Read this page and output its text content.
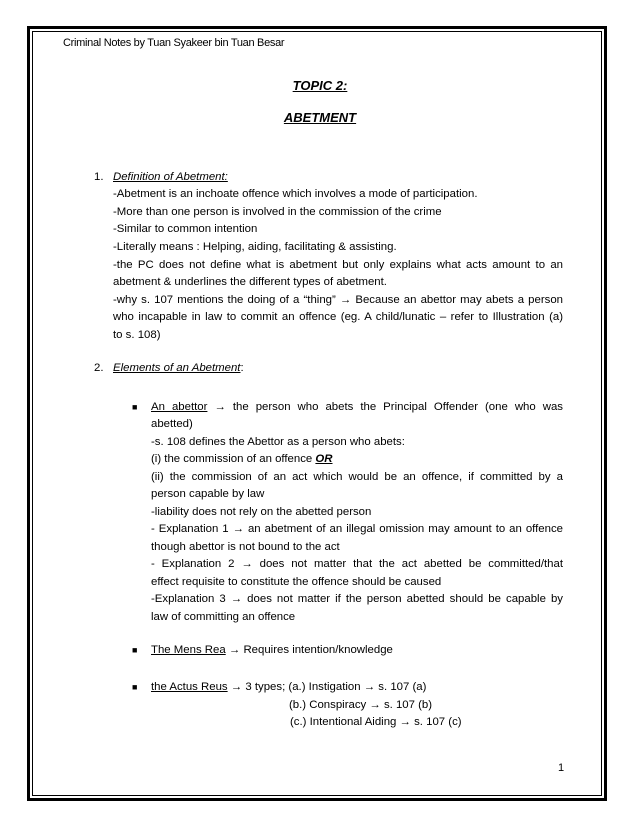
Criminal Notes by Tuan Syakeer bin Tuan Besar
TOPIC 2:
ABETMENT
1. Definition of Abetment:
-Abetment is an inchoate offence which involves a mode of participation.
-More than one person is involved in the commission of the crime
-Similar to common intention
-Literally means : Helping, aiding, facilitating & assisting.
-the PC does not define what is abetment but only explains what acts amount to an
abetment & underlines the different types of abetment.
-why s. 107 mentions the doing of a “thing” → Because an abettor may abets a person
who incapable in law to commit an offence (eg. A child/lunatic – refer to Illustration (a)
to s. 108)
2. Elements of an Abetment:
■ An abettor → the person who abets the Principal Offender (one who was
abetted)
-s. 108 defines the Abettor as a person who abets:
(i) the commission of an offence OR
(ii) the commission of an act which would be an offence, if committed by a
person capable by law
-liability does not rely on the abetted person
- Explanation 1 → an abetment of an illegal omission may amount to an offence
though abettor is not bound to the act
- Explanation 2 → does not matter that the act abetted be committed/that
effect requisite to constitute the offence should be caused
-Explanation 3 → does not matter if the person abetted should be capable by
law of committing an offence
■ The Mens Rea → Requires intention/knowledge
■ the Actus Reus → 3 types; (a.) Instigation → s. 107 (a)
(b.) Conspiracy → s. 107 (b)
(c.) Intentional Aiding → s. 107 (c)
1
